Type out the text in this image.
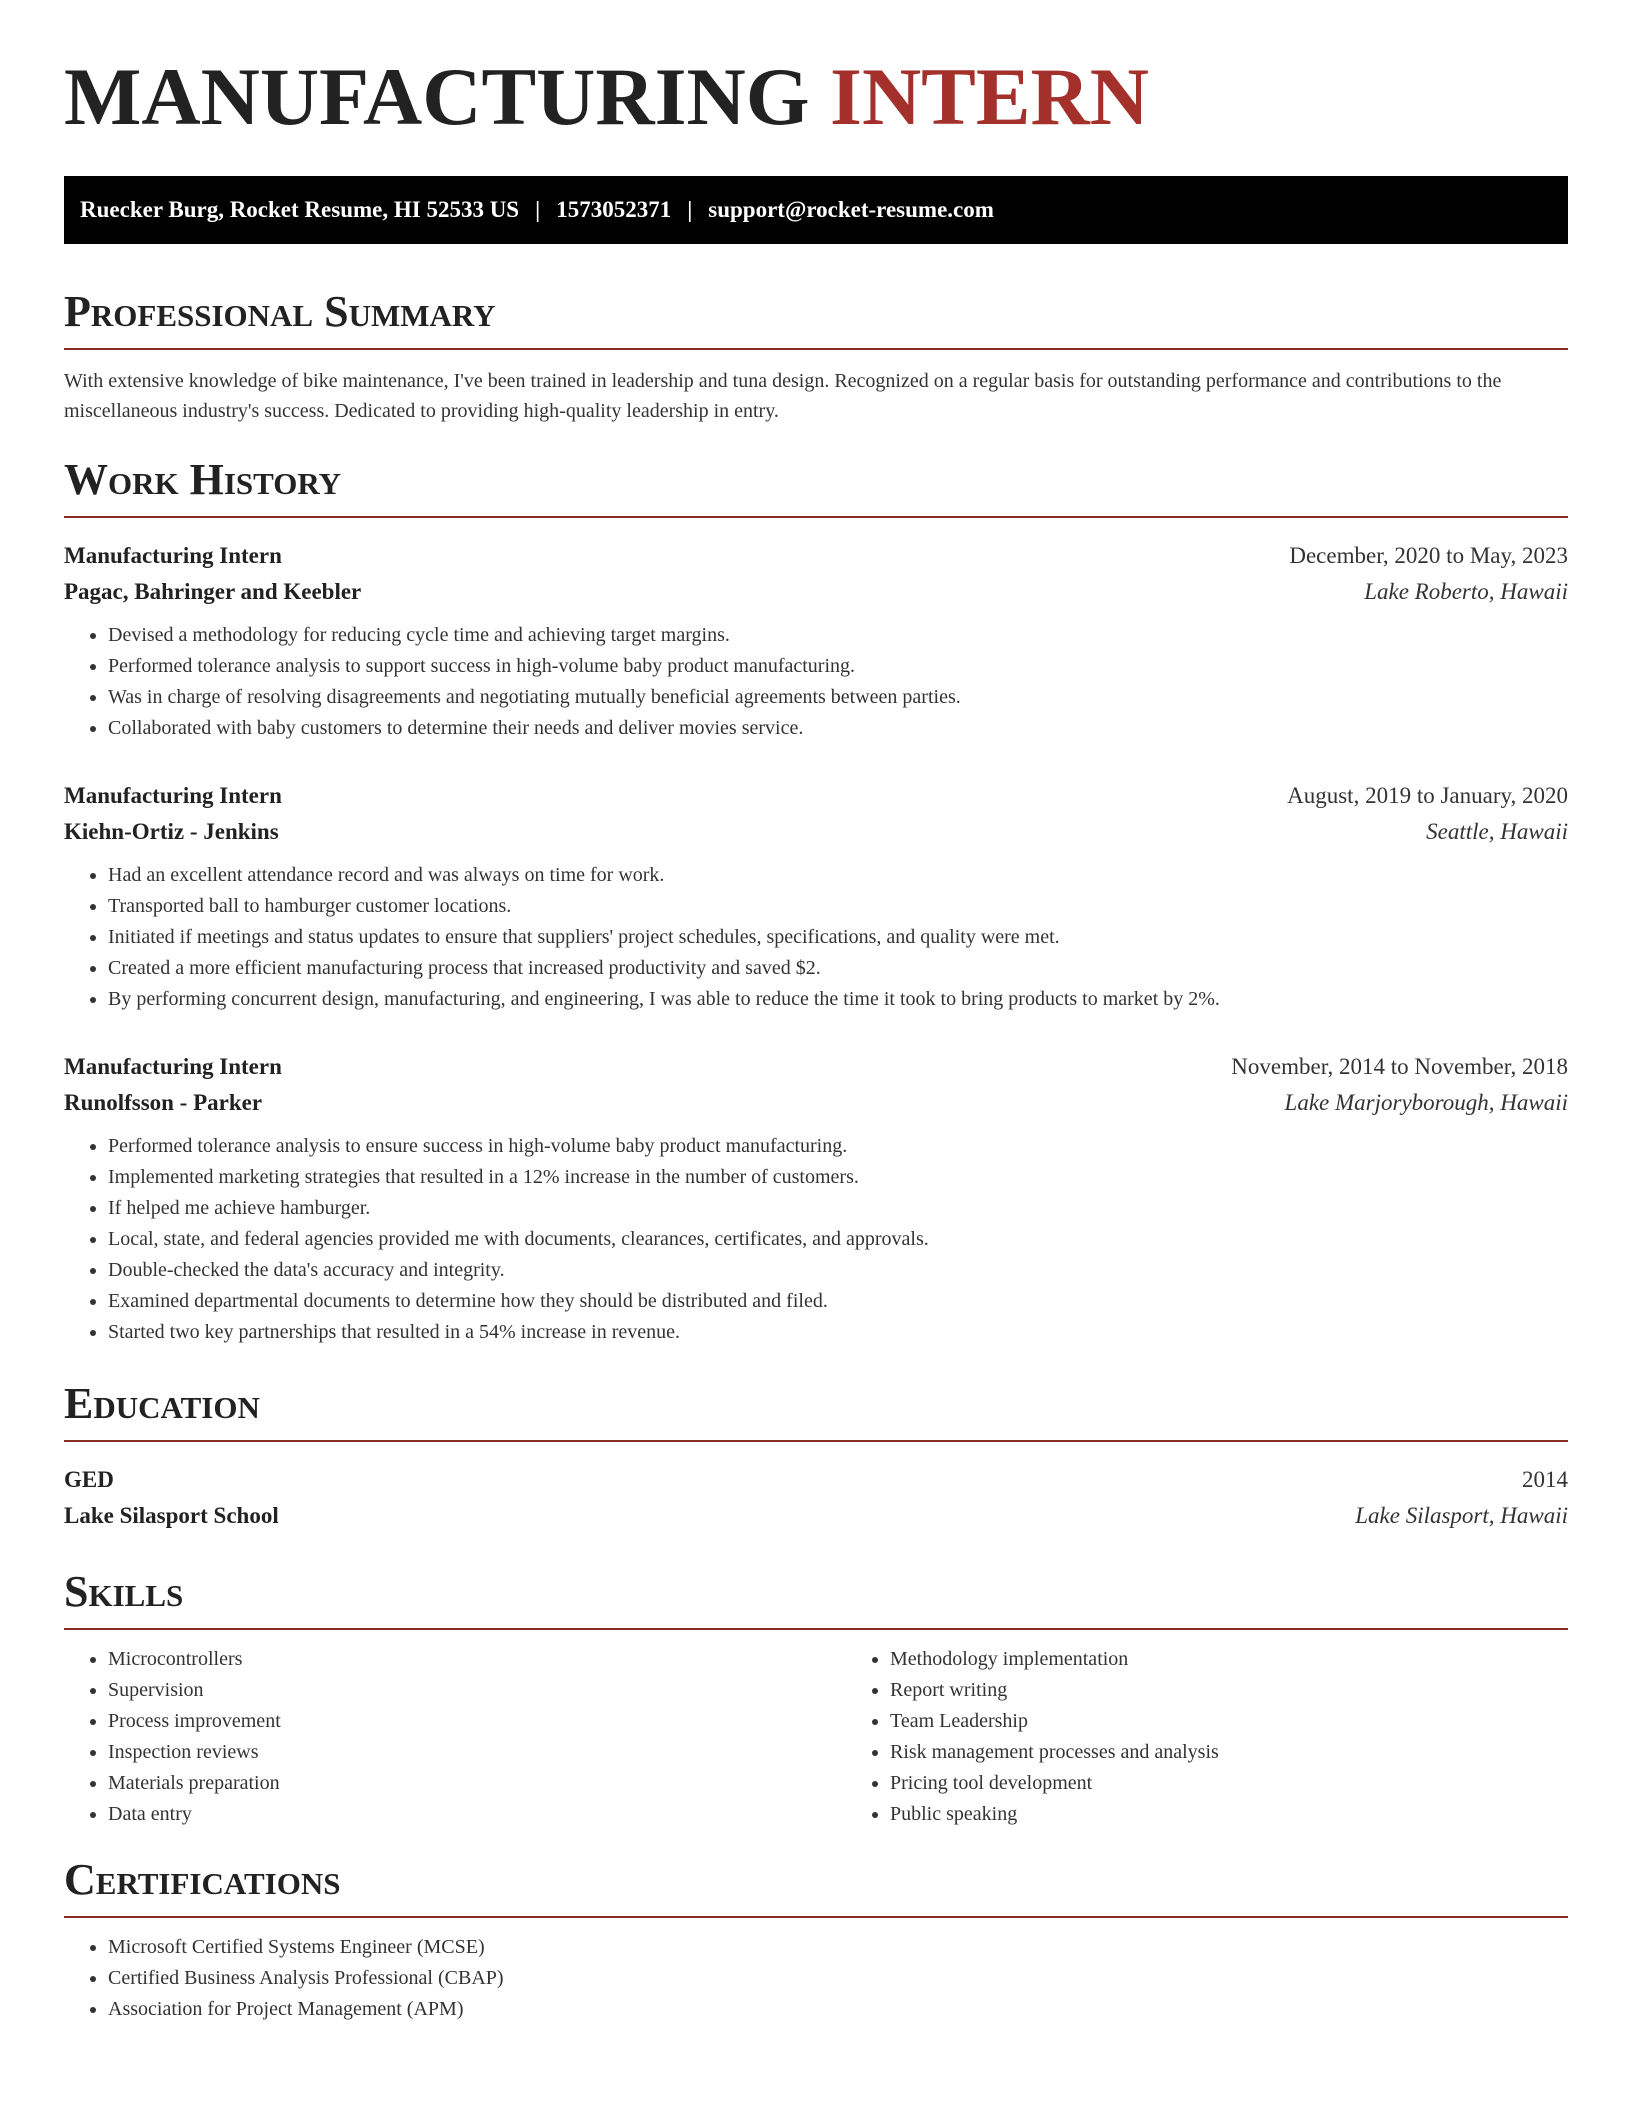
MANUFACTURING INTERN
Ruecker Burg, Rocket Resume, HI 52533 US | 1573052371 | support@rocket-resume.com
Professional Summary

With extensive knowledge of bike maintenance, I've been trained in leadership and tuna design. Recognized on a regular basis for outstanding performance and contributions to the miscellaneous industry's success. Dedicated to providing high-quality leadership in entry.

Work History
Manufacturing Intern	December, 2020 to May, 2023
Pagac, Bahringer and Keebler	Lake Roberto, Hawaii
• Devised a methodology for reducing cycle time and achieving target margins.
• Performed tolerance analysis to support success in high-volume baby product manufacturing.
• Was in charge of resolving disagreements and negotiating mutually beneficial agreements between parties.
• Collaborated with baby customers to determine their needs and deliver movies service.
Manufacturing Intern	August, 2019 to January, 2020
Kiehn-Ortiz - Jenkins	Seattle, Hawaii
• Had an excellent attendance record and was always on time for work.
• Transported ball to hamburger customer locations.
• Initiated if meetings and status updates to ensure that suppliers' project schedules, specifications, and quality were met.
• Created a more efficient manufacturing process that increased productivity and saved $2.
• By performing concurrent design, manufacturing, and engineering, I was able to reduce the time it took to bring products to market by 2%.
Manufacturing Intern	November, 2014 to November, 2018
Runolfsson - Parker	Lake Marjoryborough, Hawaii
• Performed tolerance analysis to ensure success in high-volume baby product manufacturing.
• Implemented marketing strategies that resulted in a 12% increase in the number of customers.
• If helped me achieve hamburger.
• Local, state, and federal agencies provided me with documents, clearances, certificates, and approvals.
• Double-checked the data's accuracy and integrity.
• Examined departmental documents to determine how they should be distributed and filed.
• Started two key partnerships that resulted in a 54% increase in revenue.
Education
GED	2014
Lake Silasport School	Lake Silasport, Hawaii
Skills
• Microcontrollers
• Supervision
• Process improvement
• Inspection reviews
• Materials preparation
• Data entry
• Methodology implementation
• Report writing
• Team Leadership
• Risk management processes and analysis
• Pricing tool development
• Public speaking
Certifications
• Microsoft Certified Systems Engineer (MCSE)
• Certified Business Analysis Professional (CBAP)
• Association for Project Management (APM)
